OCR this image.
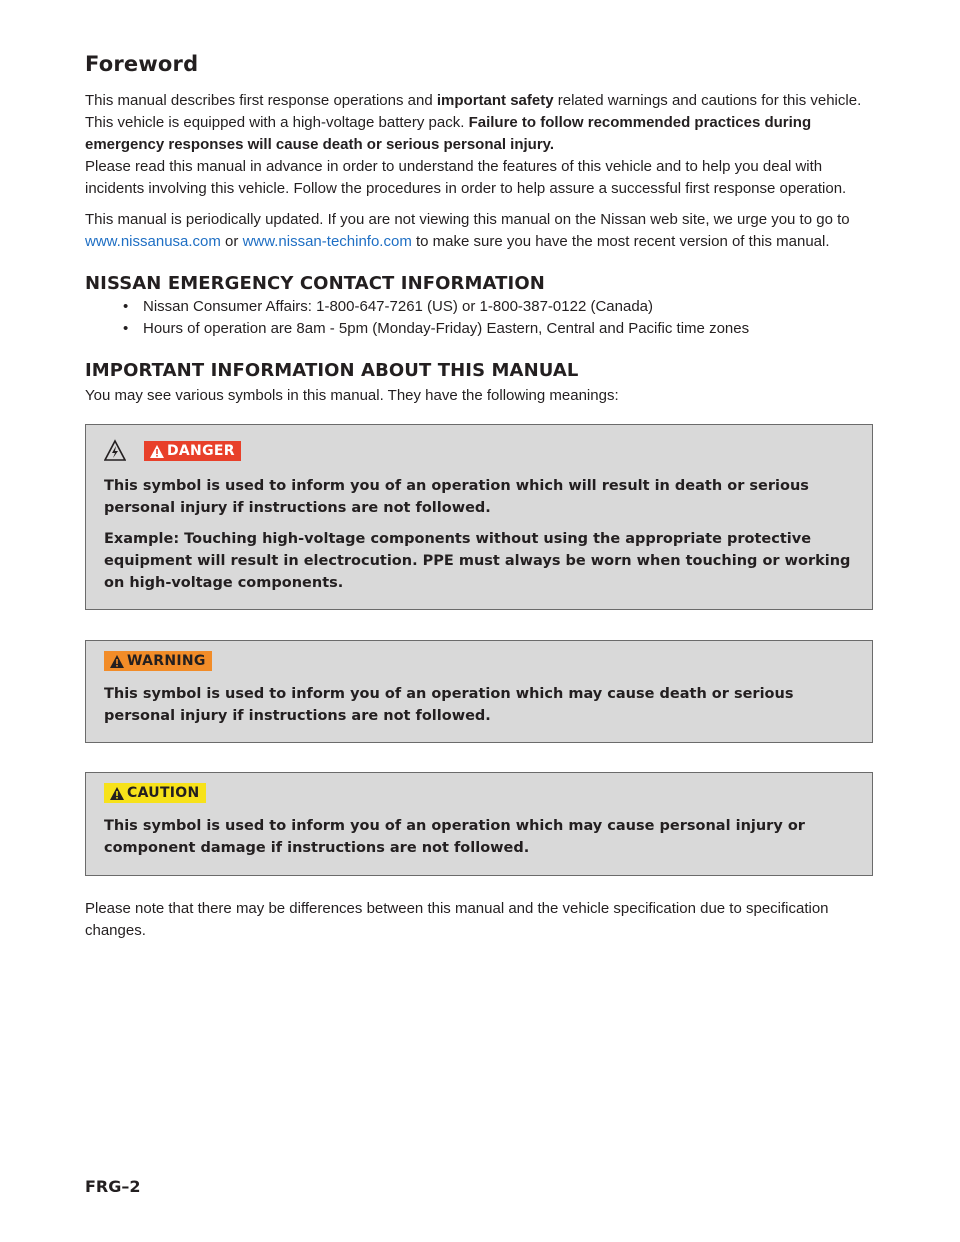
Foreword

This manual describes first response operations and important safety related warnings and cautions for this vehicle.

This vehicle is equipped with a high-voltage battery pack. Failure to follow recommended practices during emergency responses will cause death or serious personal injury.

Please read this manual in advance in order to understand the features of this vehicle and to help you deal with incidents involving this vehicle. Follow the procedures in order to help assure a successful first response operation.

This manual is periodically updated. If you are not viewing this manual on the Nissan web site, we urge you to go to www.nissanusa.com or www.nissan-techinfo.com to make sure you have the most recent version of this manual.

NISSAN EMERGENCY CONTACT INFORMATION
• Nissan Consumer Affairs: 1-800-647-7261 (US) or 1-800-387-0122 (Canada)
• Hours of operation are 8am - 5pm (Monday-Friday) Eastern, Central and Pacific time zones
IMPORTANT INFORMATION ABOUT THIS MANUAL

You may see various symbols in this manual. They have the following meanings:

DANGER

This symbol is used to inform you of an operation which will result in death or serious personal injury if instructions are not followed.

Example: Touching high-voltage components without using the appropriate protective equipment will result in electrocution. PPE must always be worn when touching or working on high-voltage components.

WARNING

This symbol is used to inform you of an operation which may cause death or serious personal injury if instructions are not followed.

CAUTION

This symbol is used to inform you of an operation which may cause personal injury or component damage if instructions are not followed.

Please note that there may be differences between this manual and the vehicle specification due to specification changes.

FRG–2
